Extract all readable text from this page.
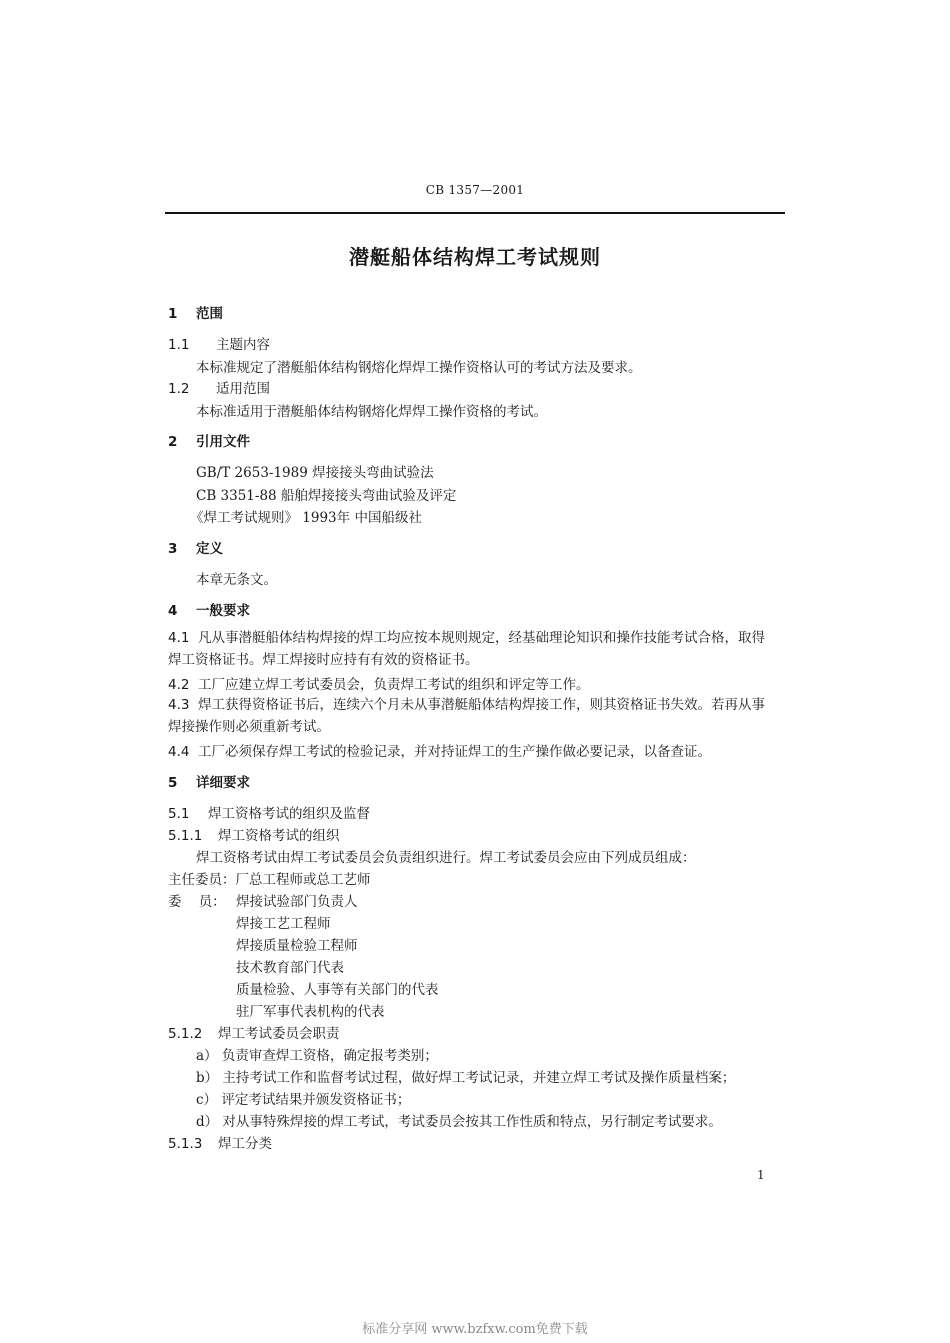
CB 1357—2001
潜艇船体结构焊工考试规则
1 范围
1.1 主题内容
本标准规定了潜艇船体结构钢熔化焊焊工操作资格认可的考试方法及要求。
1.2 适用范围
本标准适用于潜艇船体结构钢熔化焊焊工操作资格的考试。
2 引用文件
GB/T 2653-1989 焊接接头弯曲试验法
CB 3351-88 船舶焊接接头弯曲试验及评定
《焊工考试规则》 1993年 中国船级社
3 定义
本章无条文。
4 一般要求
4.1 凡从事潜艇船体结构焊接的焊工均应按本规则规定，经基础理论知识和操作技能考试合格，取得焊工资格证书。焊工焊接时应持有有效的资格证书。
4.2 工厂应建立焊工考试委员会，负责焊工考试的组织和评定等工作。
4.3 焊工获得资格证书后，连续六个月未从事潜艇船体结构焊接工作，则其资格证书失效。若再从事焊接操作则必须重新考试。
4.4 工厂必须保存焊工考试的检验记录，并对持证焊工的生产操作做必要记录，以备查证。
5 详细要求
5.1 焊工资格考试的组织及监督
5.1.1 焊工资格考试的组织
焊工资格考试由焊工考试委员会负责组织进行。焊工考试委员会应由下列成员组成：
主任委员：厂总工程师或总工艺师
委    员： 焊接试验部门负责人
焊接工艺工程师
焊接质量检验工程师
技术教育部门代表
质量检验、人事等有关部门的代表
驻厂军事代表机构的代表
5.1.2 焊工考试委员会职责
a） 负责审查焊工资格，确定报考类别；
b） 主持考试工作和监督考试过程，做好焊工考试记录，并建立焊工考试及操作质量档案；
c） 评定考试结果并颁发资格证书；
d） 对从事特殊焊接的焊工考试，考试委员会按其工作性质和特点，另行制定考试要求。
5.1.3 焊工分类
1
标准分享网 www.bzfxw.com免费下载
